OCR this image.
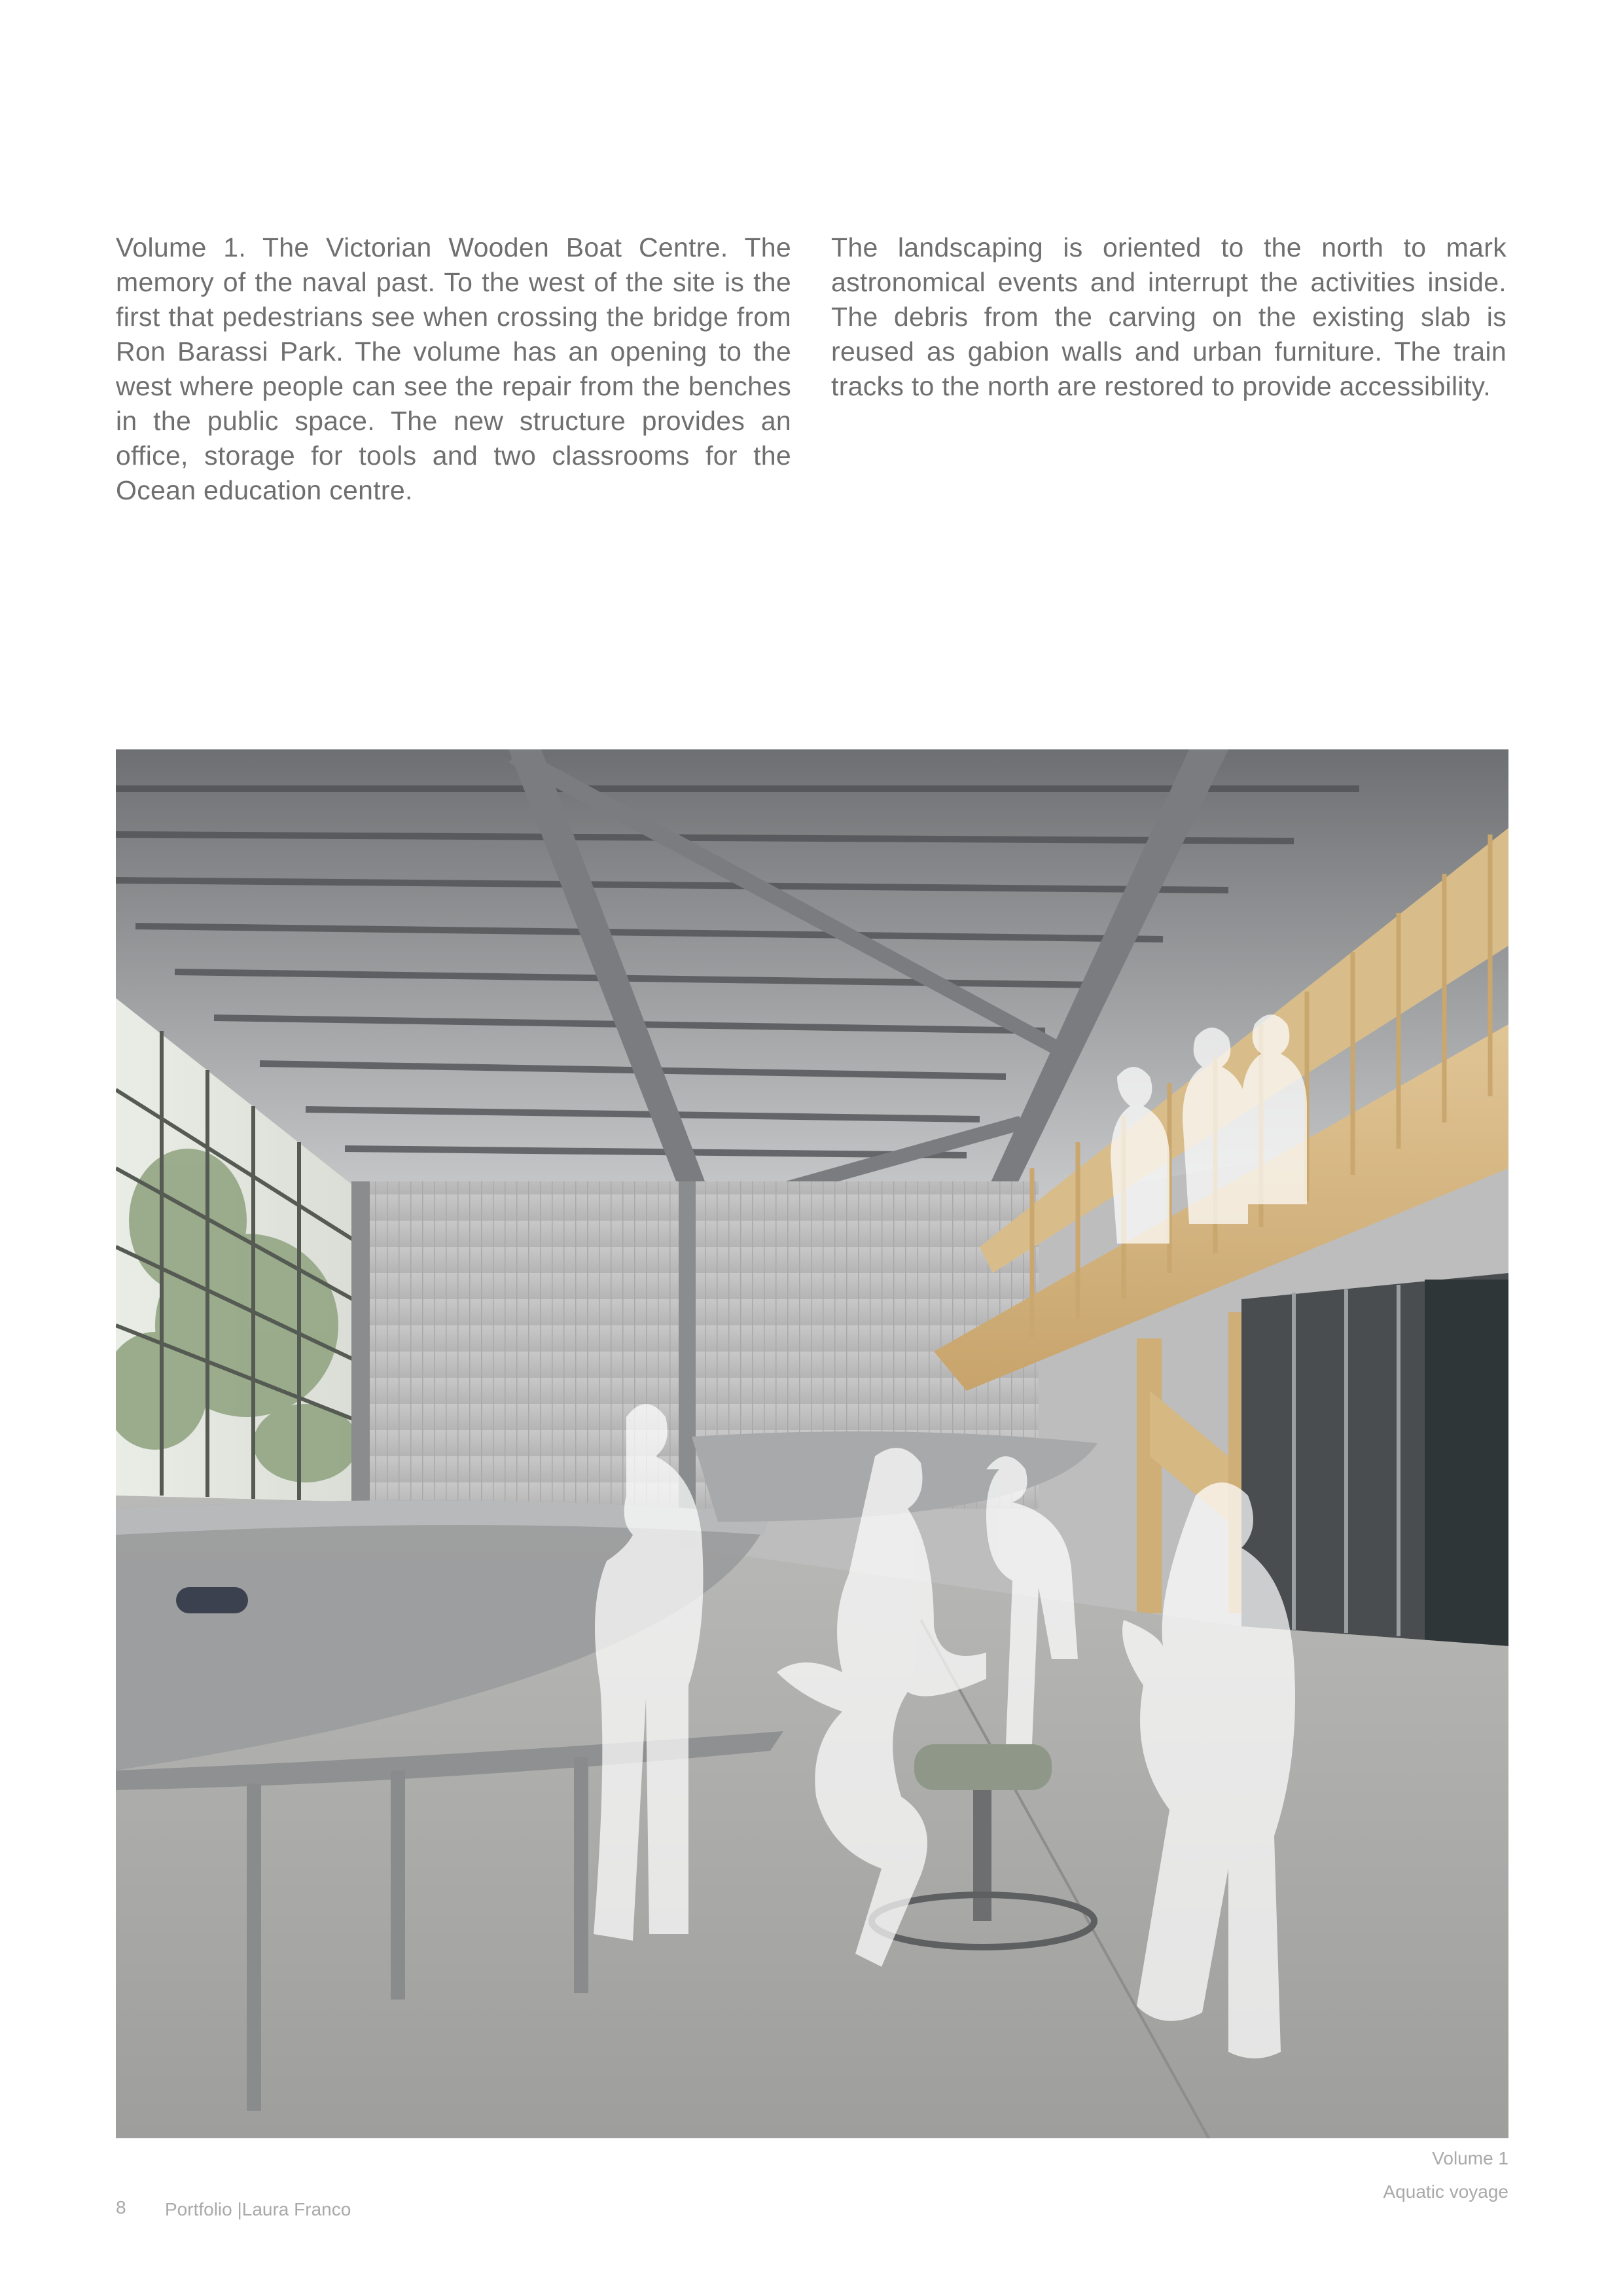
Volume 1. The Victorian Wooden Boat Centre. The memory of the naval past. To the west of the site is the first that pedestrians see when crossing the bridge from Ron Barassi Park. The volume has an opening to the west where people can see the repair from the benches in the public space. The new structure provides an office, storage for tools and two classrooms for the Ocean education centre.

The landscaping is oriented to the north to mark astronomical events and interrupt the activities inside. The debris from the carving on the existing slab is reused as gabion walls and urban furniture. The train tracks to the north are restored to provide accessibility.

Volume 1
Aquatic voyage
8 Portfolio |Laura Franco
